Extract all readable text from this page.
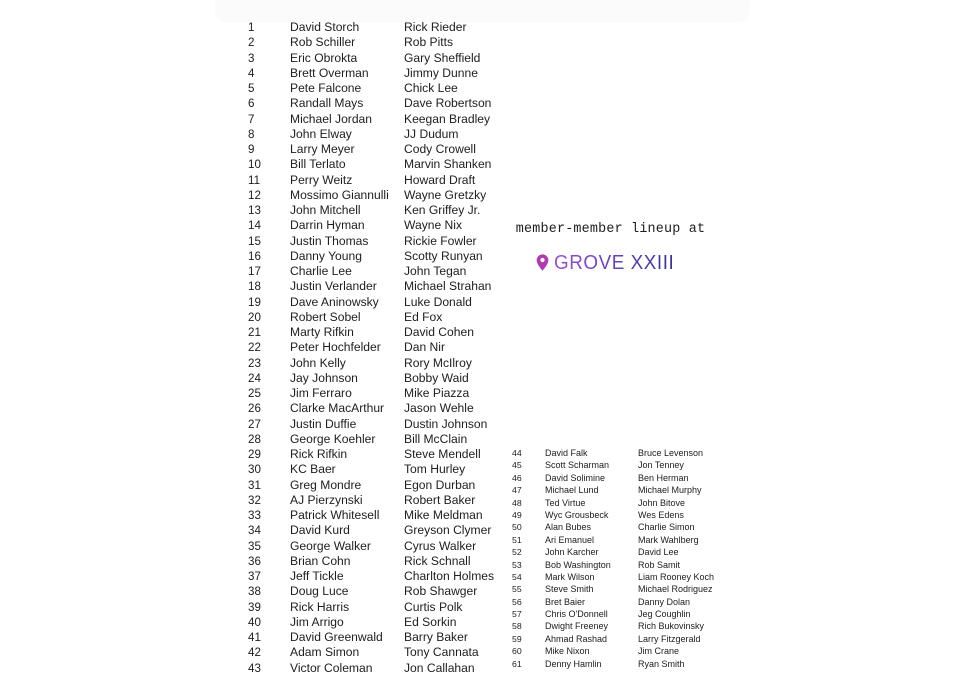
1	David Storch	Rick Rieder
2	Rob Schiller	Rob Pitts
3	Eric Obrokta	Gary Sheffield
4	Brett Overman	Jimmy Dunne
5	Pete Falcone	Chick Lee
6	Randall Mays	Dave Robertson
7	Michael Jordan	Keegan Bradley
8	John Elway	JJ Dudum
9	Larry Meyer	Cody Crowell
10	Bill Terlato	Marvin Shanken
11	Perry Weitz	Howard Draft
12	Mossimo Giannulli	Wayne Gretzky
13	John Mitchell	Ken Griffey Jr.
14	Darrin Hyman	Wayne Nix
15	Justin Thomas	Rickie Fowler
16	Danny Young	Scotty Runyan
17	Charlie Lee	John Tegan
18	Justin Verlander	Michael Strahan
19	Dave Aninowsky	Luke Donald
20	Robert Sobel	Ed Fox
21	Marty Rifkin	David Cohen
22	Peter Hochfelder	Dan Nir
23	John Kelly	Rory McIlroy
24	Jay Johnson	Bobby Waid
25	Jim Ferraro	Mike Piazza
26	Clarke MacArthur	Jason Wehle
27	Justin Duffie	Dustin Johnson
28	George Koehler	Bill McClain
29	Rick Rifkin	Steve Mendell
30	KC Baer	Tom Hurley
31	Greg Mondre	Egon Durban
32	AJ Pierzynski	Robert Baker
33	Patrick Whitesell	Mike Meldman
34	David Kurd	Greyson Clymer
35	George Walker	Cyrus Walker
36	Brian Cohn	Rick Schnall
37	Jeff Tickle	Charlton Holmes
38	Doug Luce	Rob Shawger
39	Rick Harris	Curtis Polk
40	Jim Arrigo	Ed Sorkin
41	David Greenwald	Barry Baker
42	Adam Simon	Tony Cannata
43	Victor Coleman	Jon Callahan
44	David Falk	Bruce Levenson
45	Scott Scharman	Jon Tenney
46	David Solimine	Ben Herman
47	Michael Lund	Michael Murphy
48	Ted Virtue	John Bitove
49	Wyc Grousbeck	Wes Edens
50	Alan Bubes	Charlie Simon
51	Ari Emanuel	Mark Wahlberg
52	John Karcher	David Lee
53	Bob Washington	Rob Samit
54	Mark Wilson	Liam Rooney Koch
55	Steve Smith	Michael Rodriguez
56	Bret Baier	Danny Dolan
57	Chris O'Donnell	Jeg Coughlin
58	Dwight Freeney	Rich Bukovinsky
59	Ahmad Rashad	Larry Fitzgerald
60	Mike Nixon	Jim Crane
61	Denny Hamlin	Ryan Smith
member-member lineup at
GROVE XXIII
